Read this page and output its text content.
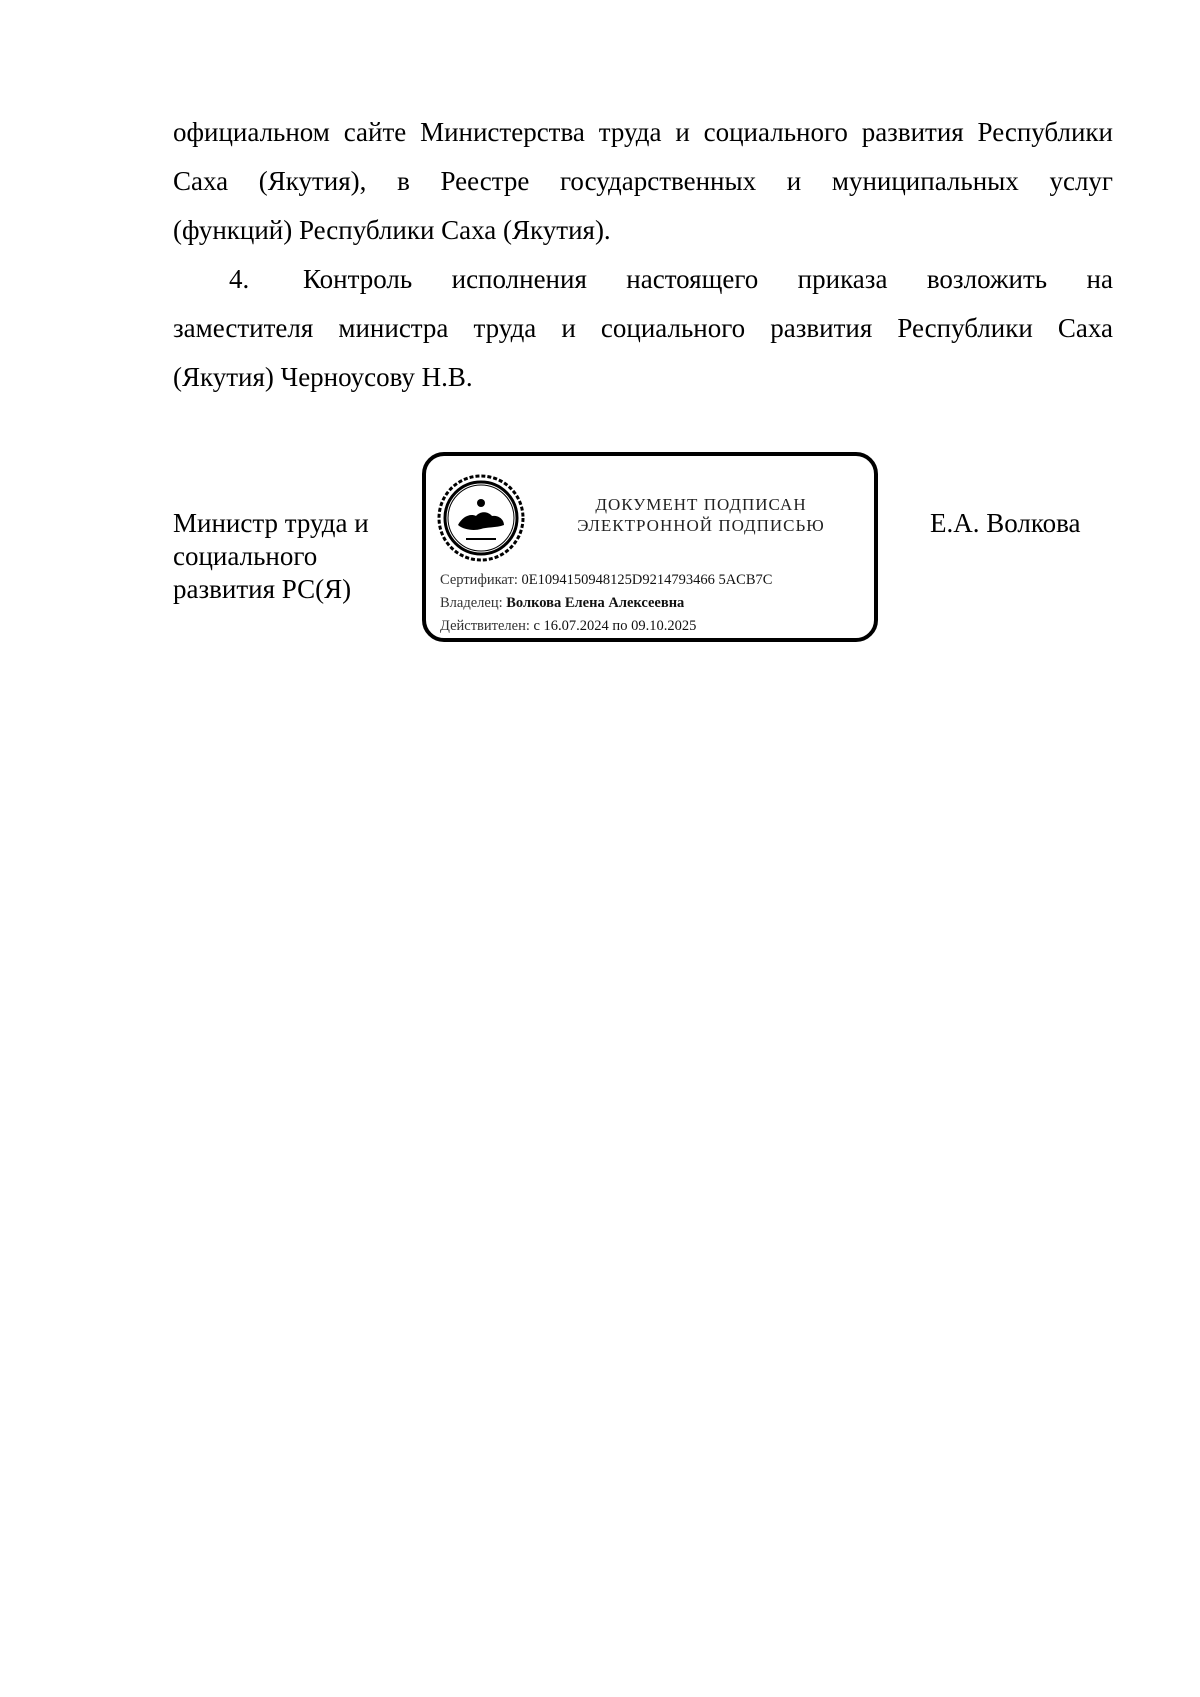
официальном сайте Министерства труда и социального развития Республики
Саха (Якутия), в Реестре государственных и муниципальных услуг
(функций) Республики Саха (Якутия).

4. Контроль исполнения настоящего приказа возложить на
заместителя министра труда и социального развития Республики Саха
(Якутия) Черноусову Н.В.

Министр труда и
социального
развития РС(Я)
ДОКУМЕНТ ПОДПИСАН
ЭЛЕКТРОННОЙ ПОДПИСЬЮ
Сертификат: 0E1094150948125D9214793466 5ACB7C
Владелец: Волкова Елена Алексеевна
Действителен: с 16.07.2024 по 09.10.2025
Е.А. Волкова
